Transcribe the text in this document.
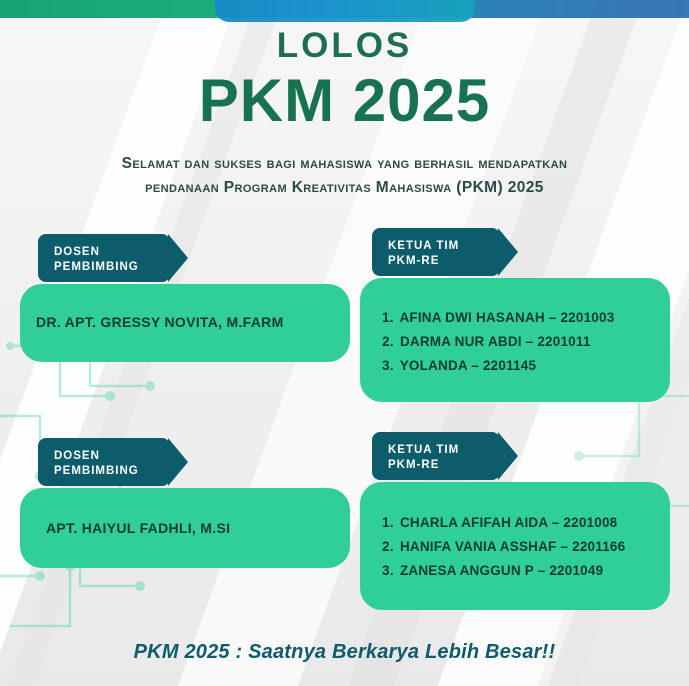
LOLOS
PKM 2025
Selamat dan sukses bagi mahasiswa yang berhasil mendapatkan
pendanaan Program Kreativitas Mahasiswa (PKM) 2025
DOSEN
PEMBIMBING
KETUA TIM
PKM-RE
DR. APT. GRESSY NOVITA, M.FARM	1. AFINA DWI HASANAH – 2201003
2. DARMA NUR ABDI – 2201011
3. YOLANDA – 2201145
DOSEN
PEMBIMBING
KETUA TIM
PKM-RE
APT. HAIYUL FADHLI, M.SI	1. CHARLA AFIFAH AIDA – 2201008
2. HANIFA VANIA ASSHAF – 2201166
3. ZANESA ANGGUN P – 2201049
PKM 2025 : Saatnya Berkarya Lebih Besar!!
